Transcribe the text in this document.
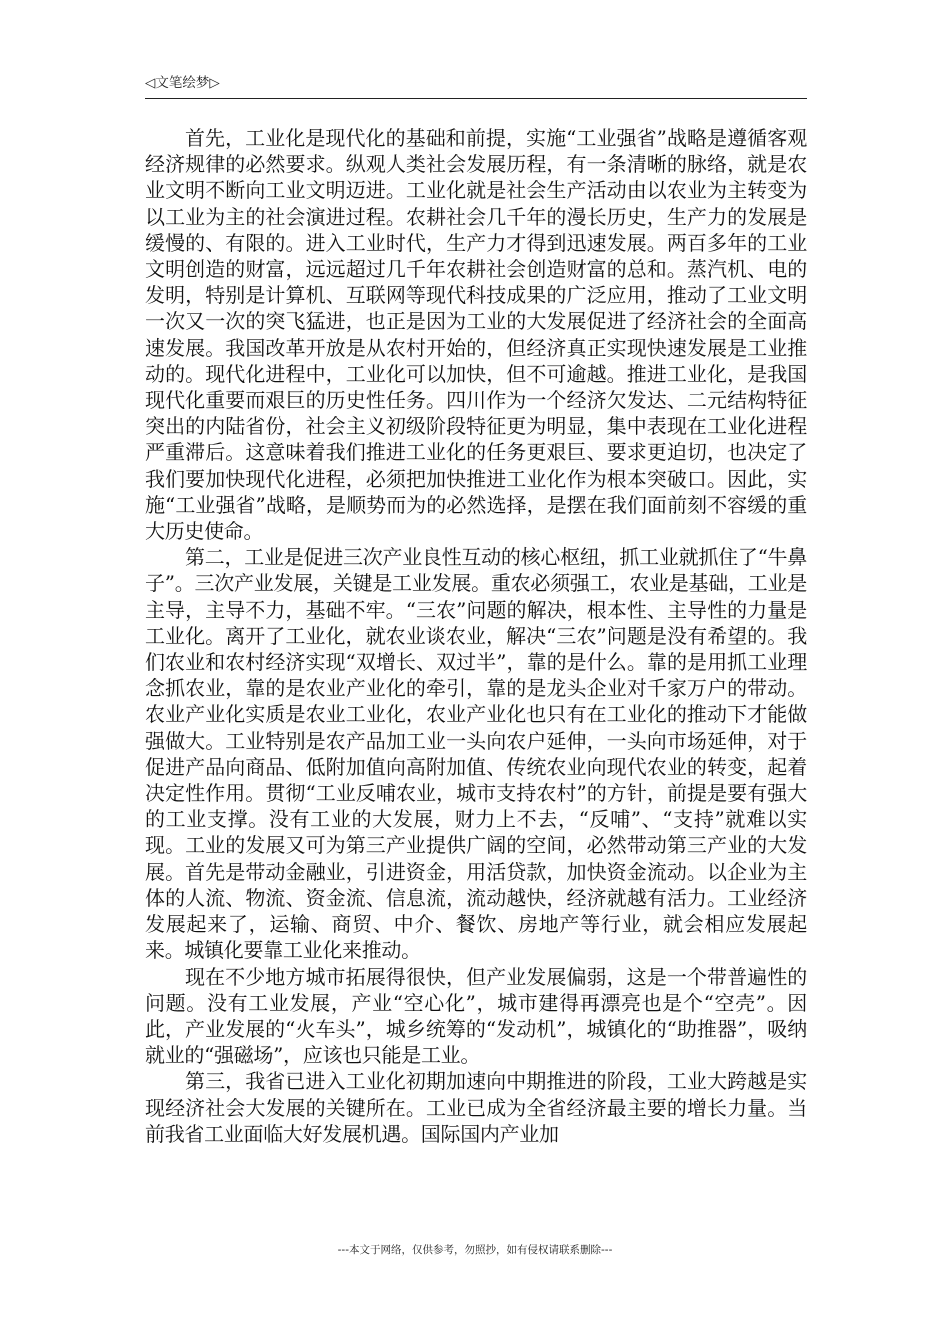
◁文笔绘梦▷

首先，工业化是现代化的基础和前提，实施“工业强省”战略是遵循客观经济规律的必然要求。纵观人类社会发展历程，有一条清晰的脉络，就是农业文明不断向工业文明迈进。工业化就是社会生产活动由以农业为主转变为以工业为主的社会演进过程。农耕社会几千年的漫长历史，生产力的发展是缓慢的、有限的。进入工业时代，生产力才得到迅速发展。两百多年的工业文明创造的财富，远远超过几千年农耕社会创造财富的总和。蒸汽机、电的发明，特别是计算机、互联网等现代科技成果的广泛应用，推动了工业文明一次又一次的突飞猛进，也正是因为工业的大发展促进了经济社会的全面高速发展。我国改革开放是从农村开始的，但经济真正实现快速发展是工业推动的。现代化进程中，工业化可以加快，但不可逾越。推进工业化，是我国现代化重要而艰巨的历史性任务。四川作为一个经济欠发达、二元结构特征突出的内陆省份，社会主义初级阶段特征更为明显，集中表现在工业化进程严重滞后。这意味着我们推进工业化的任务更艰巨、要求更迫切，也决定了我们要加快现代化进程，必须把加快推进工业化作为根本突破口。因此，实施“工业强省”战略，是顺势而为的必然选择，是摆在我们面前刻不容缓的重大历史使命。

第二，工业是促进三次产业良性互动的核心枢纽，抓工业就抓住了“牛鼻子”。三次产业发展，关键是工业发展。重农必须强工，农业是基础，工业是主导，主导不力，基础不牢。“三农”问题的解决，根本性、主导性的力量是工业化。离开了工业化，就农业谈农业，解决“三农”问题是没有希望的。我们农业和农村经济实现“双增长、双过半”，靠的是什么。靠的是用抓工业理念抓农业，靠的是农业产业化的牵引，靠的是龙头企业对千家万户的带动。农业产业化实质是农业工业化，农业产业化也只有在工业化的推动下才能做强做大。工业特别是农产品加工业一头向农户延伸，一头向市场延伸，对于促进产品向商品、低附加值向高附加值、传统农业向现代农业的转变，起着决定性作用。贯彻“工业反哺农业，城市支持农村”的方针，前提是要有强大的工业支撑。没有工业的大发展，财力上不去，“反哺”、“支持”就难以实现。工业的发展又可为第三产业提供广阔的空间，必然带动第三产业的大发展。首先是带动金融业，引进资金，用活贷款，加快资金流动。以企业为主体的人流、物流、资金流、信息流，流动越快，经济就越有活力。工业经济发展起来了，运输、商贸、中介、餐饮、房地产等行业，就会相应发展起来。城镇化要靠工业化来推动。

现在不少地方城市拓展得很快，但产业发展偏弱，这是一个带普遍性的问题。没有工业发展，产业“空心化”，城市建得再漂亮也是个“空壳”。因此，产业发展的“火车头”，城乡统筹的“发动机”，城镇化的“助推器”，吸纳就业的“强磁场”，应该也只能是工业。

第三，我省已进入工业化初期加速向中期推进的阶段，工业大跨越是实现经济社会大发展的关键所在。工业已成为全省经济最主要的增长力量。当前我省工业面临大好发展机遇。国际国内产业加

---本文于网络，仅供参考，勿照抄，如有侵权请联系删除---
